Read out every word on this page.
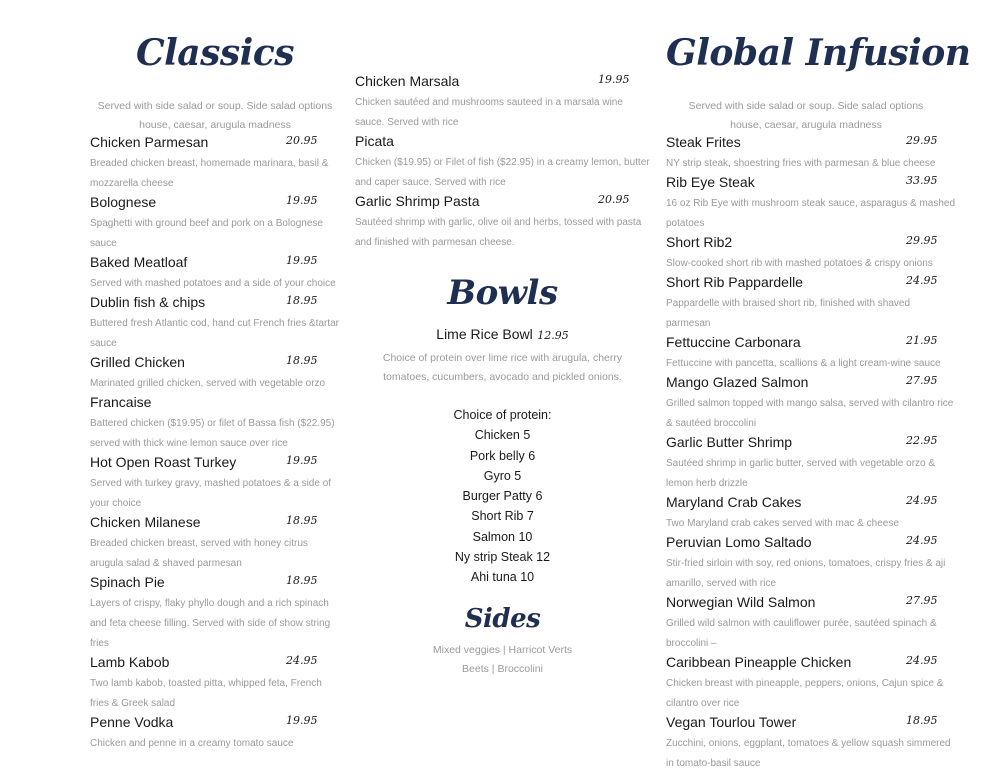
Classics
Served with side salad or soup. Side salad options house, caesar, arugula madness
Chicken Parmesan	20.95
Breaded chicken breast, homemade marinara, basil & mozzarella cheese
Bolognese	19.95
Spaghetti with ground beef and pork on a Bolognese sauce
Baked Meatloaf	19.95
Served with mashed potatoes and a side of your choice
Dublin fish & chips	18.95
Buttered fresh Atlantic cod, hand cut French fries &tartar sauce
Grilled Chicken	18.95
Marinated grilled chicken, served with vegetable orzo
Francaise
Battered chicken ($19.95) or filet of Bassa fish ($22.95) served with thick wine lemon sauce over rice
Hot Open Roast Turkey	19.95
Served with turkey gravy, mashed potatoes & a side of your choice
Chicken Milanese	18.95
Breaded chicken breast, served with honey citrus arugula salad & shaved parmesan
Spinach Pie	18.95
Layers of crispy, flaky phyllo dough and a rich spinach and feta cheese filling. Served with side of show string fries
Lamb Kabob	24.95
Two lamb kabob, toasted pitta, whipped feta, French fries & Greek salad
Penne Vodka	19.95
Chicken and penne in a creamy tomato sauce
Chicken Marsala	19.95
Chicken sautéed and mushrooms sauteed in a marsala wine sauce. Served with rice
Picata
Chicken ($19.95) or Filet of fish ($22.95) in a creamy lemon, butter and caper sauce. Served with rice
Garlic Shrimp Pasta	20.95
Sautéed shrimp with garlic, olive oil and herbs, tossed with pasta and finished with parmesan cheese.
Bowls
Lime Rice Bowl 12.95
Choice of protein over lime rice with arugula, cherry tomatoes, cucumbers, avocado and pickled onions.
Choice of protein:
Chicken 5
Pork belly 6
Gyro 5
Burger Patty 6
Short Rib 7
Salmon 10
Ny strip Steak 12
Ahi tuna 10
Sides
Mixed veggies | Harricot Verts
Beets | Broccolini
Global Infusion
Served with side salad or soup. Side salad options house, caesar, arugula madness
Steak Frites	29.95
NY strip steak, shoestring fries with parmesan & blue cheese
Rib Eye Steak	33.95
16 oz Rib Eye with mushroom steak sauce, asparagus & mashed potatoes
Short Rib2	29.95
Slow-cooked short rib with mashed potatoes & crispy onions
Short Rib Pappardelle	24.95
Pappardelle with braised short rib, finished with shaved parmesan
Fettuccine Carbonara	21.95
Fettuccine with pancetta, scallions & a light cream-wine sauce
Mango Glazed Salmon	27.95
Grilled salmon topped with mango salsa, served with cilantro rice & sautéed broccolini
Garlic Butter Shrimp	22.95
Sautéed shrimp in garlic butter, served with vegetable orzo & lemon herb drizzle
Maryland Crab Cakes	24.95
Two Maryland crab cakes served with mac & cheese
Peruvian Lomo Saltado	24.95
Stir-fried sirloin with soy, red onions, tomatoes, crispy fries & aji amarillo, served with rice
Norwegian Wild Salmon	27.95
Grilled wild salmon with cauliflower purée, sautéed spinach & broccolini –
Caribbean Pineapple Chicken	24.95
Chicken breast with pineapple, peppers, onions, Cajun spice & cilantro over rice
Vegan Tourlou Tower	18.95
Zucchini, onions, eggplant, tomatoes & yellow squash simmered in tomato-basil sauce
